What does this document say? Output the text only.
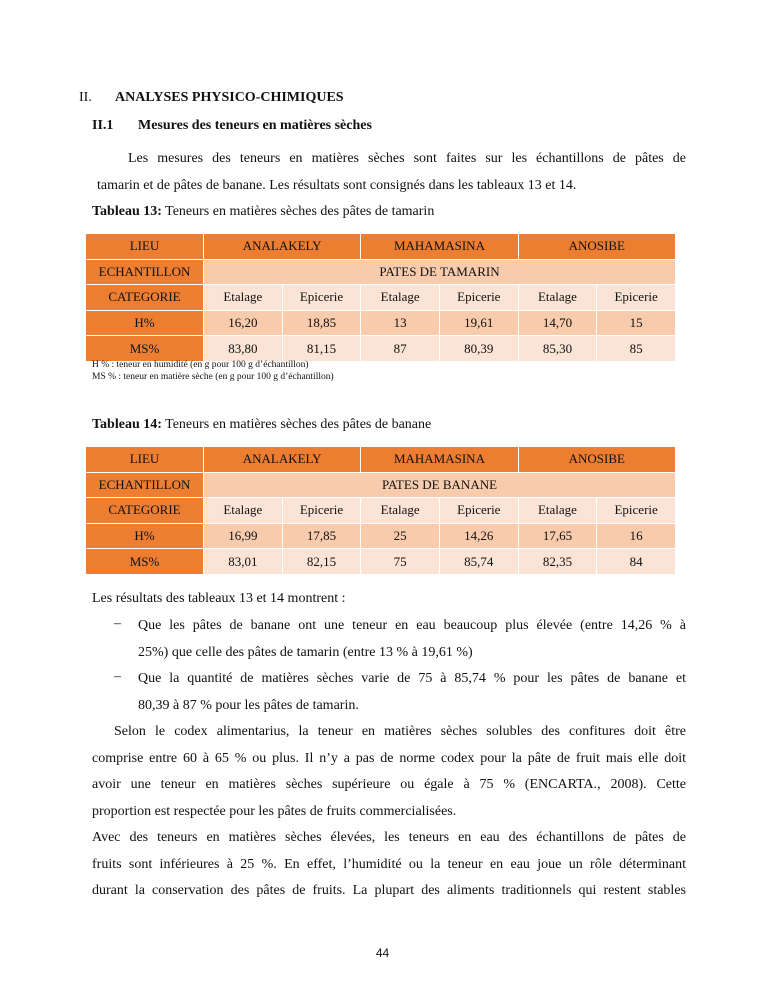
II. ANALYSES PHYSICO-CHIMIQUES
II.1 Mesures des teneurs en matières sèches
Les mesures des teneurs en matières sèches sont faites sur les échantillons de pâtes de
tamarin et de pâtes de banane. Les résultats sont consignés dans les tableaux 13 et 14.
Tableau 13: Teneurs en matières sèches des pâtes de tamarin
LIEU	ANALAKELY		MAHAMASINA		ANOSIBE	
ECHANTILLON	PATES DE TAMARIN					
CATEGORIE	Etalage	Epicerie	Etalage	Epicerie	Etalage	Epicerie
H%	16,20	18,85	13	19,61	14,70	15
MS%	83,80	81,15	87	80,39	85,30	85
H % : teneur en humidité (en g pour 100 g d’échantillon)
MS % : teneur en matière sèche (en g pour 100 g d’échantillon)
Tableau 14: Teneurs en matières sèches des pâtes de banane
LIEU	ANALAKELY		MAHAMASINA		ANOSIBE	
ECHANTILLON	PATES DE BANANE					
CATEGORIE	Etalage	Epicerie	Etalage	Epicerie	Etalage	Epicerie
H%	16,99	17,85	25	14,26	17,65	16
MS%	83,01	82,15	75	85,74	82,35	84
Les résultats des tableaux 13 et 14 montrent :
– Que les pâtes de banane ont une teneur en eau beaucoup plus élevée (entre 14,26 % à
25%) que celle des pâtes de tamarin (entre 13 % à 19,61 %)
– Que la quantité de matières sèches varie de 75 à 85,74 % pour les pâtes de banane et
80,39 à 87 % pour les pâtes de tamarin.
Selon le codex alimentarius, la teneur en matières sèches solubles des confitures doit être
comprise entre 60 à 65 % ou plus. Il n’y a pas de norme codex pour la pâte de fruit mais elle doit
avoir une teneur en matières sèches supérieure ou égale à 75 % (ENCARTA., 2008). Cette
proportion est respectée pour les pâtes de fruits commercialisées.
Avec des teneurs en matières sèches élevées, les teneurs en eau des échantillons de pâtes de
fruits sont inférieures à 25 %. En effet, l’humidité ou la teneur en eau joue un rôle déterminant
durant la conservation des pâtes de fruits. La plupart des aliments traditionnels qui restent stables
44
